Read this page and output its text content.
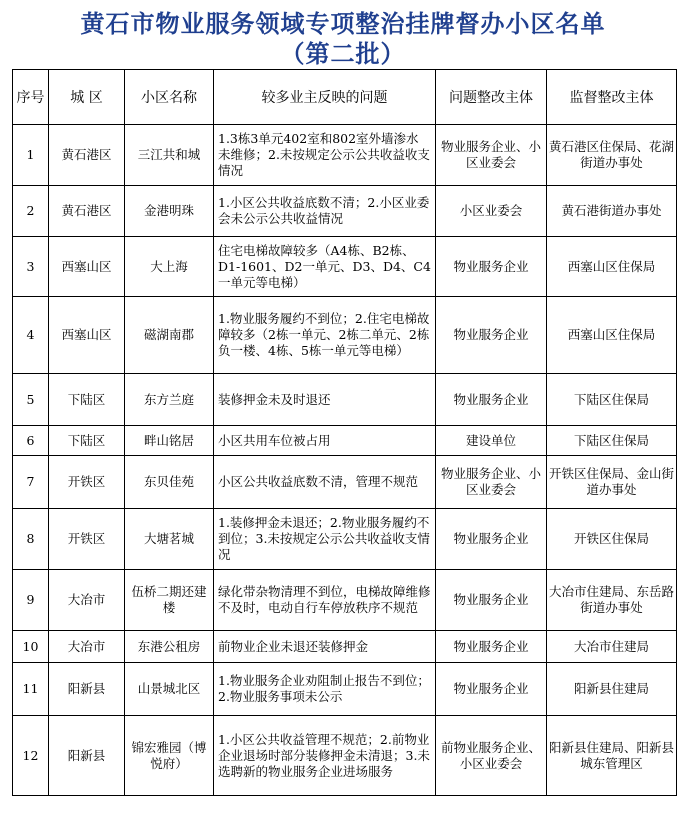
黄石市物业服务领域专项整治挂牌督办小区名单
（第二批）
序号	城 区	小区名称	较多业主反映的问题	问题整改主体	监督整改主体
1	黄石港区	三江共和城	1.3栋3单元402室和802室外墙渗水未维修；2.未按规定公示公共收益收支情况	物业服务企业、小区业委会	黄石港区住保局、花湖街道办事处
2	黄石港区	金港明珠	1.小区公共收益底数不清；2.小区业委会未公示公共收益情况	小区业委会	黄石港街道办事处
3	西塞山区	大上海	住宅电梯故障较多（A4栋、B2栋、D1-1601、D2一单元、D3、D4、C4一单元等电梯）	物业服务企业	西塞山区住保局
4	西塞山区	磁湖南郡	1.物业服务履约不到位；2.住宅电梯故障较多（2栋一单元、2栋二单元、2栋负一楼、4栋、5栋一单元等电梯）	物业服务企业	西塞山区住保局
5	下陆区	东方兰庭	装修押金未及时退还	物业服务企业	下陆区住保局
6	下陆区	畔山铭居	小区共用车位被占用	建设单位	下陆区住保局
7	开铁区	东贝佳苑	小区公共收益底数不清，管理不规范	物业服务企业、小区业委会	开铁区住保局、金山街道办事处
8	开铁区	大塘茗城	1.装修押金未退还；2.物业服务履约不到位；3.未按规定公示公共收益收支情况	物业服务企业	开铁区住保局
9	大冶市	伍桥二期还建楼	绿化带杂物清理不到位，电梯故障维修不及时，电动自行车停放秩序不规范	物业服务企业	大冶市住建局、东岳路街道办事处
10	大冶市	东港公租房	前物业企业未退还装修押金	物业服务企业	大冶市住建局
11	阳新县	山景城北区	1.物业服务企业劝阻制止报告不到位；2.物业服务事项未公示	物业服务企业	阳新县住建局
12	阳新县	锦宏雅园（博悦府）	1.小区公共收益管理不规范；2.前物业企业退场时部分装修押金未清退；3.未选聘新的物业服务企业进场服务	前物业服务企业、小区业委会	阳新县住建局、阳新县城东管理区
